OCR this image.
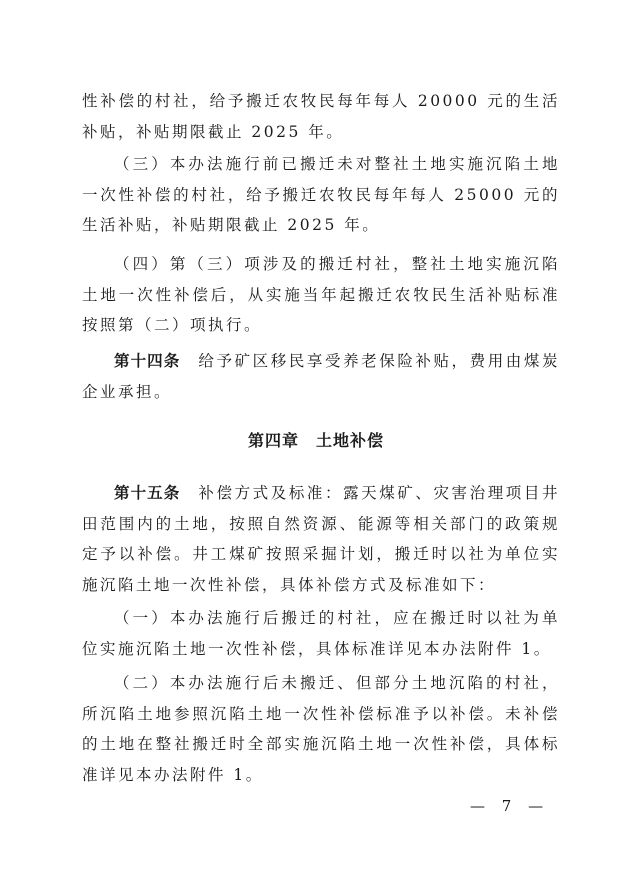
性补偿的村社，给予搬迁农牧民每年每人 20000 元的生活补贴，补贴期限截止 2025 年。

（三）本办法施行前已搬迁未对整社土地实施沉陷土地一次性补偿的村社，给予搬迁农牧民每年每人 25000 元的生活补贴，补贴期限截止 2025 年。

（四）第（三）项涉及的搬迁村社，整社土地实施沉陷土地一次性补偿后，从实施当年起搬迁农牧民生活补贴标准按照第（二）项执行。

第十四条　 给予矿区移民享受养老保险补贴，费用由煤炭企业承担。

第四章　土地补偿

第十五条　 补偿方式及标准：露天煤矿、灾害治理项目井田范围内的土地，按照自然资源、能源等相关部门的政策规定予以补偿。井工煤矿按照采掘计划，搬迁时以社为单位实施沉陷土地一次性补偿，具体补偿方式及标准如下：

（一）本办法施行后搬迁的村社，应在搬迁时以社为单位实施沉陷土地一次性补偿，具体标准详见本办法附件 1。

（二）本办法施行后未搬迁、但部分土地沉陷的村社，所沉陷土地参照沉陷土地一次性补偿标准予以补偿。未补偿的土地在整社搬迁时全部实施沉陷土地一次性补偿，具体标准详见本办法附件 1。

— 7 —
